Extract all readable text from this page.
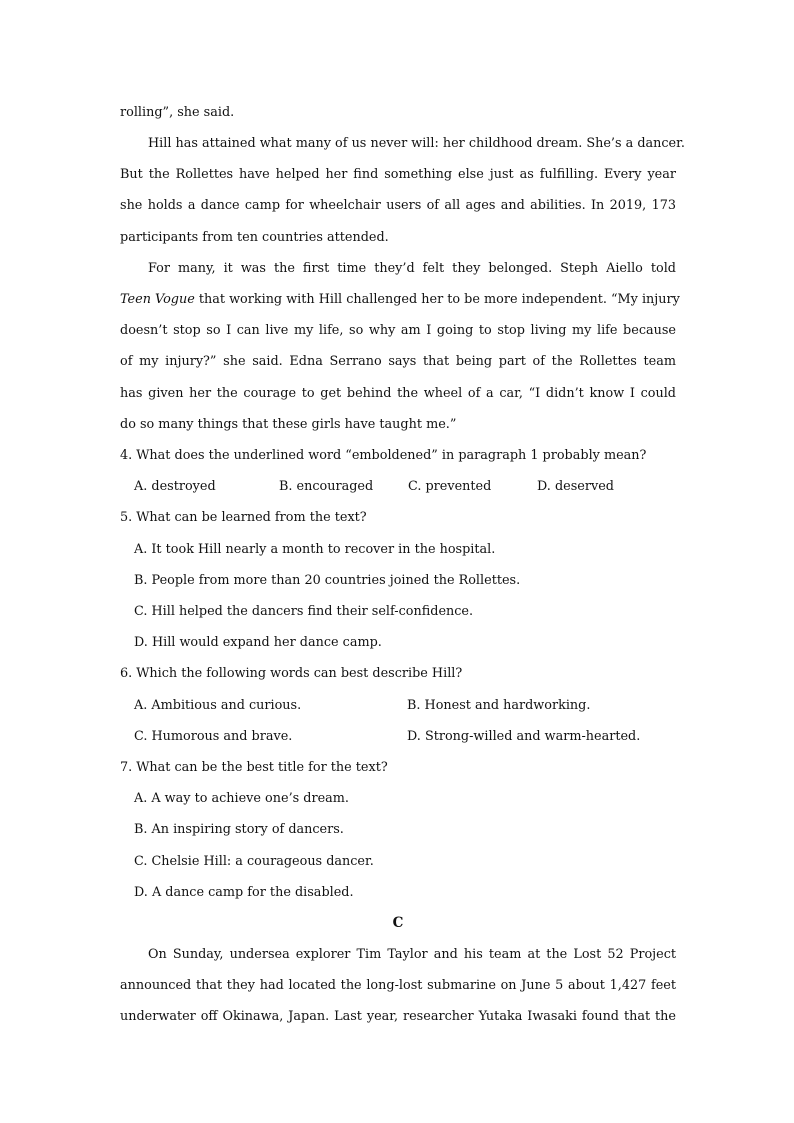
rolling”, she said.
Hill has attained what many of us never will: her childhood dream. She’s a dancer.
But the Rollettes have helped her find something else just as fulfilling. Every year
she holds a dance camp for wheelchair users of all ages and abilities. In 2019, 173
participants from ten countries attended.
For many, it was the first time they’d felt they belonged. Steph Aiello told
Teen Vogue that working with Hill challenged her to be more independent. “My injury
doesn’t stop so I can live my life, so why am I going to stop living my life because
of my injury?” she said. Edna Serrano says that being part of the Rollettes team
has given her the courage to get behind the wheel of a car, “I didn’t know I could
do so many things that these girls have taught me.”
4. What does the underlined word “emboldened” in paragraph 1 probably mean?
A. destroyed	B. encouraged	C. prevented	D. deserved
5. What can be learned from the text?
A. It took Hill nearly a month to recover in the hospital.
B. People from more than 20 countries joined the Rollettes.
C. Hill helped the dancers find their self-confidence.
D. Hill would expand her dance camp.
6. Which the following words can best describe Hill?
A. Ambitious and curious.	B. Honest and hardworking.
C. Humorous and brave.	D. Strong-willed and warm-hearted.
7. What can be the best title for the text?
A. A way to achieve one’s dream.
B. An inspiring story of dancers.
C. Chelsie Hill: a courageous dancer.
D. A dance camp for the disabled.
C
On Sunday, undersea explorer Tim Taylor and his team at the Lost 52 Project
announced that they had located the long-lost submarine on June 5 about 1,427 feet
underwater off Okinawa, Japan. Last year, researcher Yutaka Iwasaki found that the
